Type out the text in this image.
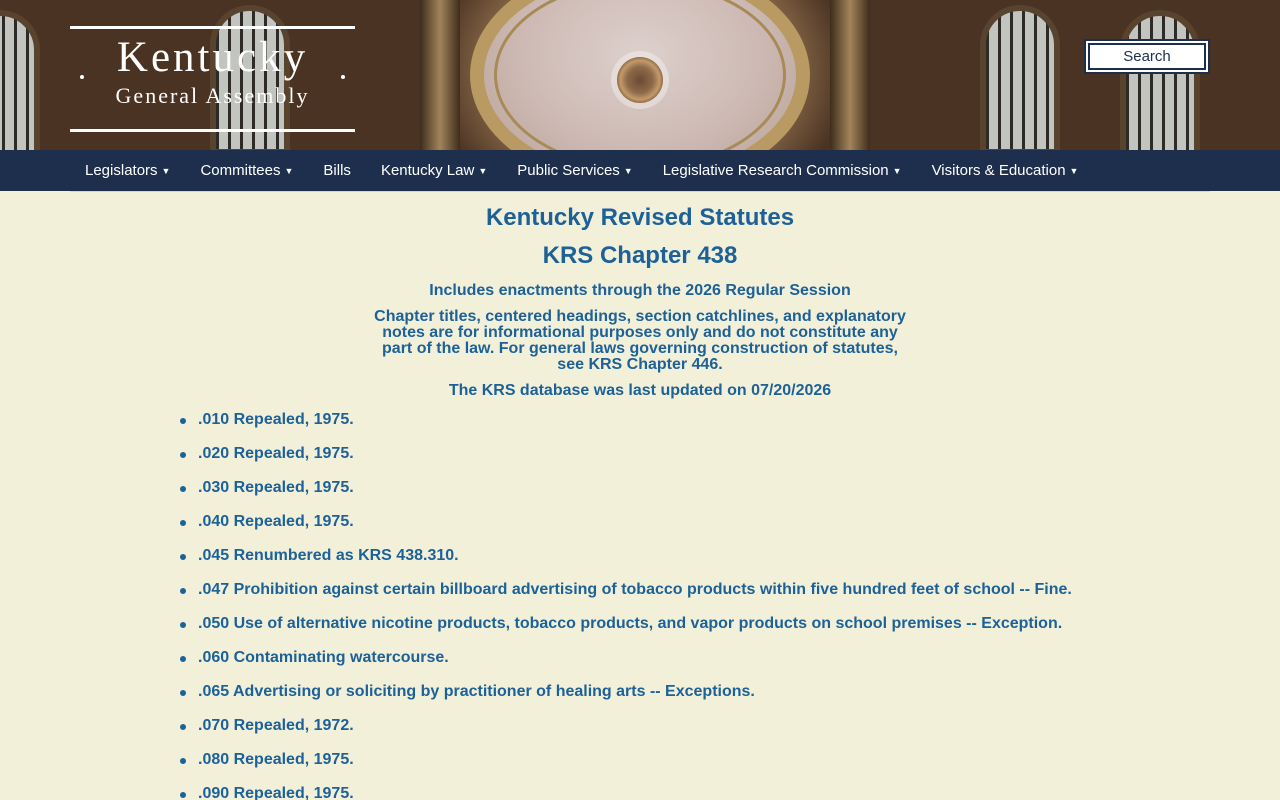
Kentucky
General Assembly
Search
Legislators ▼ Committees ▼ Bills Kentucky Law ▼ Public Services ▼ Legislative Research Commission ▼ Visitors & Education ▼
Kentucky Revised Statutes
KRS Chapter 438
Includes enactments through the 2026 Regular Session
Chapter titles, centered headings, section catchlines, and explanatory notes are for informational purposes only and do not constitute any part of the law. For general laws governing construction of statutes, see KRS Chapter 446.
The KRS database was last updated on 07/20/2026
.010 Repealed, 1975.
.020 Repealed, 1975.
.030 Repealed, 1975.
.040 Repealed, 1975.
.045 Renumbered as KRS 438.310.
.047 Prohibition against certain billboard advertising of tobacco products within five hundred feet of school -- Fine.
.050 Use of alternative nicotine products, tobacco products, and vapor products on school premises -- Exception.
.060 Contaminating watercourse.
.065 Advertising or soliciting by practitioner of healing arts -- Exceptions.
.070 Repealed, 1972.
.080 Repealed, 1975.
.090 Repealed, 1975.
